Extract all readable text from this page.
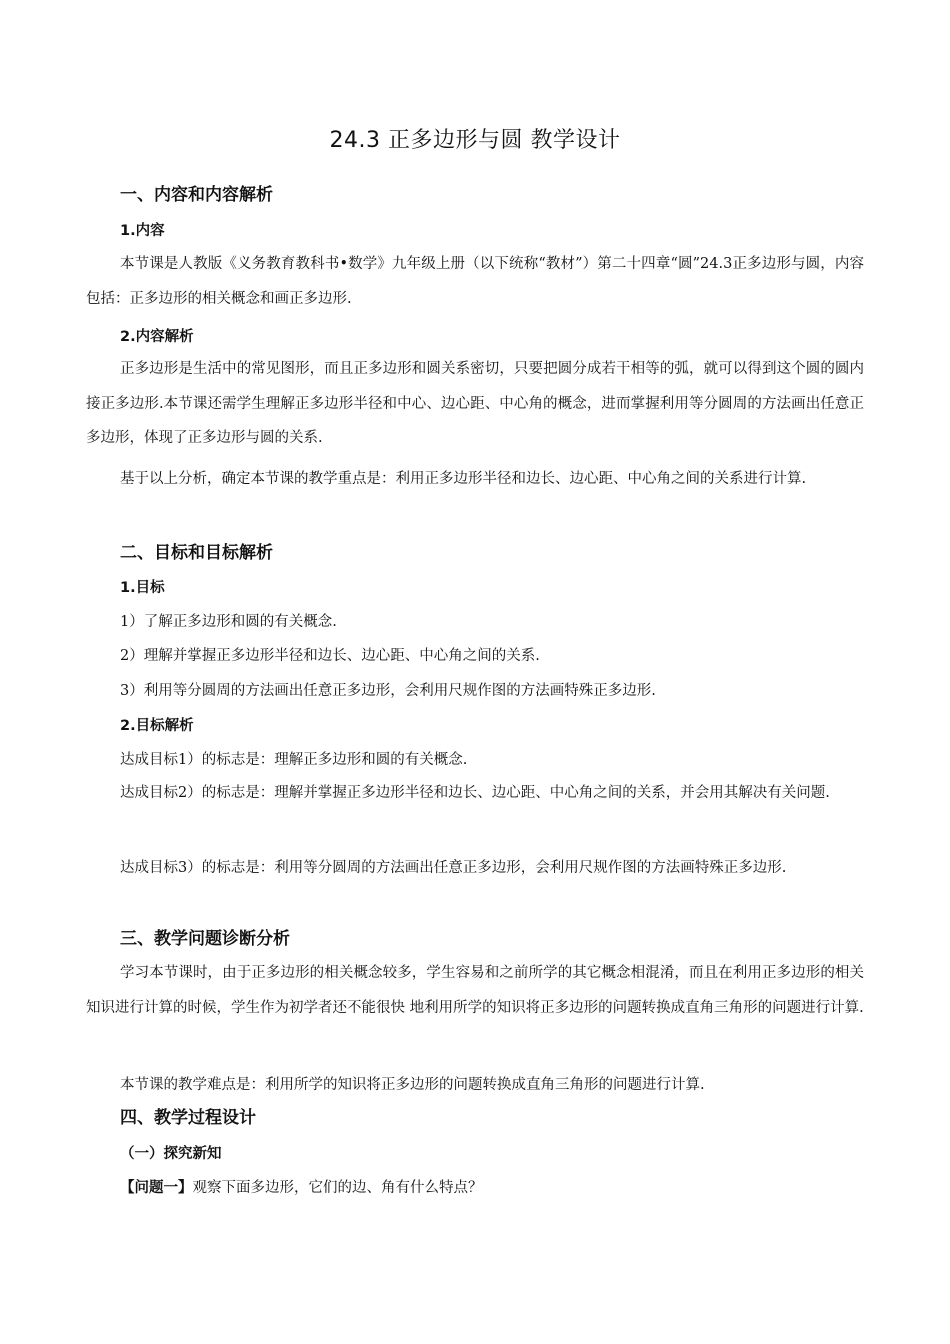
24.3 正多边形与圆 教学设计
一、内容和内容解析
1.内容
本节课是人教版《义务教育教科书•数学》九年级上册（以下统称“教材”）第二十四章“圆”24.3正多边形与圆，内容包括：正多边形的相关概念和画正多边形.
2.内容解析
正多边形是生活中的常见图形，而且正多边形和圆关系密切，只要把圆分成若干相等的弧，就可以得到这个圆的圆内接正多边形.本节课还需学生理解正多边形半径和中心、边心距、中心角的概念，进而掌握利用等分圆周的方法画出任意正多边形，体现了正多边形与圆的关系.
基于以上分析，确定本节课的教学重点是：利用正多边形半径和边长、边心距、中心角之间的关系进行计算.
二、目标和目标解析
1.目标
1）了解正多边形和圆的有关概念.
2）理解并掌握正多边形半径和边长、边心距、中心角之间的关系.
3）利用等分圆周的方法画出任意正多边形，会利用尺规作图的方法画特殊正多边形.
2.目标解析
达成目标1）的标志是：理解正多边形和圆的有关概念.
达成目标2）的标志是：理解并掌握正多边形半径和边长、边心距、中心角之间的关系，并会用其解决有关问题.
达成目标3）的标志是：利用等分圆周的方法画出任意正多边形，会利用尺规作图的方法画特殊正多边形.
三、教学问题诊断分析
学习本节课时，由于正多边形的相关概念较多，学生容易和之前所学的其它概念相混淆，而且在利用正多边形的相关知识进行计算的时候，学生作为初学者还不能很快 地利用所学的知识将正多边形的问题转换成直角三角形的问题进行计算.
本节课的教学难点是：利用所学的知识将正多边形的问题转换成直角三角形的问题进行计算.
四、教学过程设计
（一）探究新知
【问题一】观察下面多边形，它们的边、角有什么特点？
